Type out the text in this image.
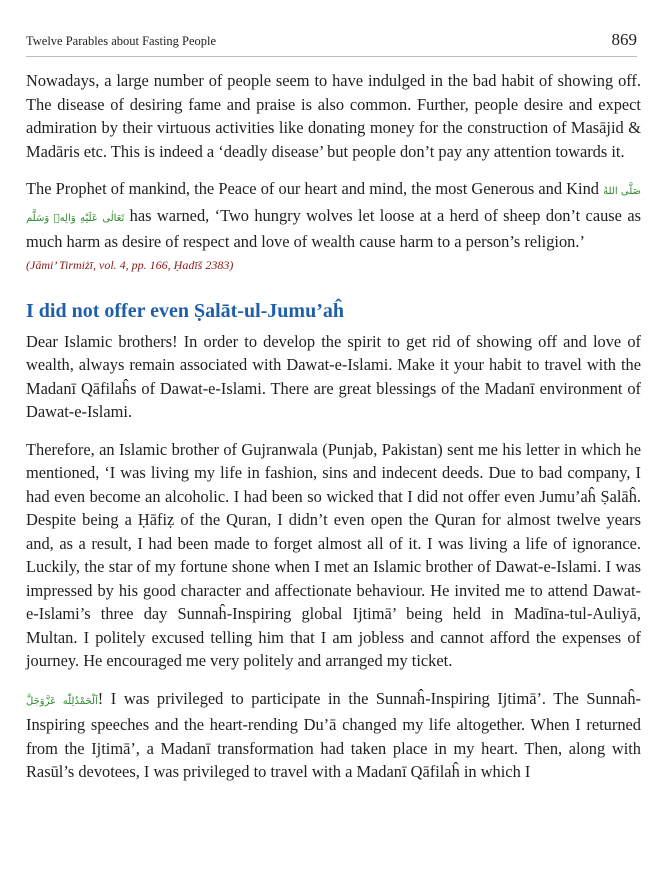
Twelve Parables about Fasting People	869

Nowadays, a large number of people seem to have indulged in the bad habit of showing off. The disease of desiring fame and praise is also common. Further, people desire and expect admiration by their virtuous activities like donating money for the construction of Masājid & Madāris etc. This is indeed a ‘deadly disease’ but people don’t pay any attention towards it.

The Prophet of mankind, the Peace of our heart and mind, the most Generous and Kind صَلَّى اللهُ تَعَالٰى عَلَيْهِ وَالِهٖ وَسَلَّم has warned, ‘Two hungry wolves let loose at a herd of sheep don’t cause as much harm as desire of respect and love of wealth cause harm to a person’s religion.’

(Jāmi’ Tirmiżī, vol. 4, pp. 166, Ḥadīš 2383)
I did not offer even Ṣalāt-ul-Jumu’aĥ

Dear Islamic brothers! In order to develop the spirit to get rid of showing off and love of wealth, always remain associated with Dawat-e-Islami. Make it your habit to travel with the Madanī Qāfilaĥs of Dawat-e-Islami. There are great blessings of the Madanī environment of Dawat-e-Islami.

Therefore, an Islamic brother of Gujranwala (Punjab, Pakistan) sent me his letter in which he mentioned, ‘I was living my life in fashion, sins and indecent deeds. Due to bad company, I had even become an alcoholic. I had been so wicked that I did not offer even Jumu’aĥ Ṣalāĥ. Despite being a Ḥāfiẓ of the Quran, I didn’t even open the Quran for almost twelve years and, as a result, I had been made to forget almost all of it. I was living a life of ignorance. Luckily, the star of my fortune shone when I met an Islamic brother of Dawat-e-Islami. I was impressed by his good character and affectionate behaviour. He invited me to attend Dawat-e-Islami’s three day Sunnaĥ-Inspiring global Ijtimā’ being held in Madīna-tul-Auliyā, Multan. I politely excused telling him that I am jobless and cannot afford the expenses of journey. He encouraged me very politely and arranged my ticket.

اَلْحَمْدُلِلّٰه عَزَّوَجَلَّ! I was privileged to participate in the Sunnaĥ-Inspiring Ijtimā’. The Sunnaĥ-Inspiring speeches and the heart-rending Du’ā changed my life altogether. When I returned from the Ijtimā’, a Madanī transformation had taken place in my heart. Then, along with Rasūl’s devotees, I was privileged to travel with a Madanī Qāfilaĥ in which I
